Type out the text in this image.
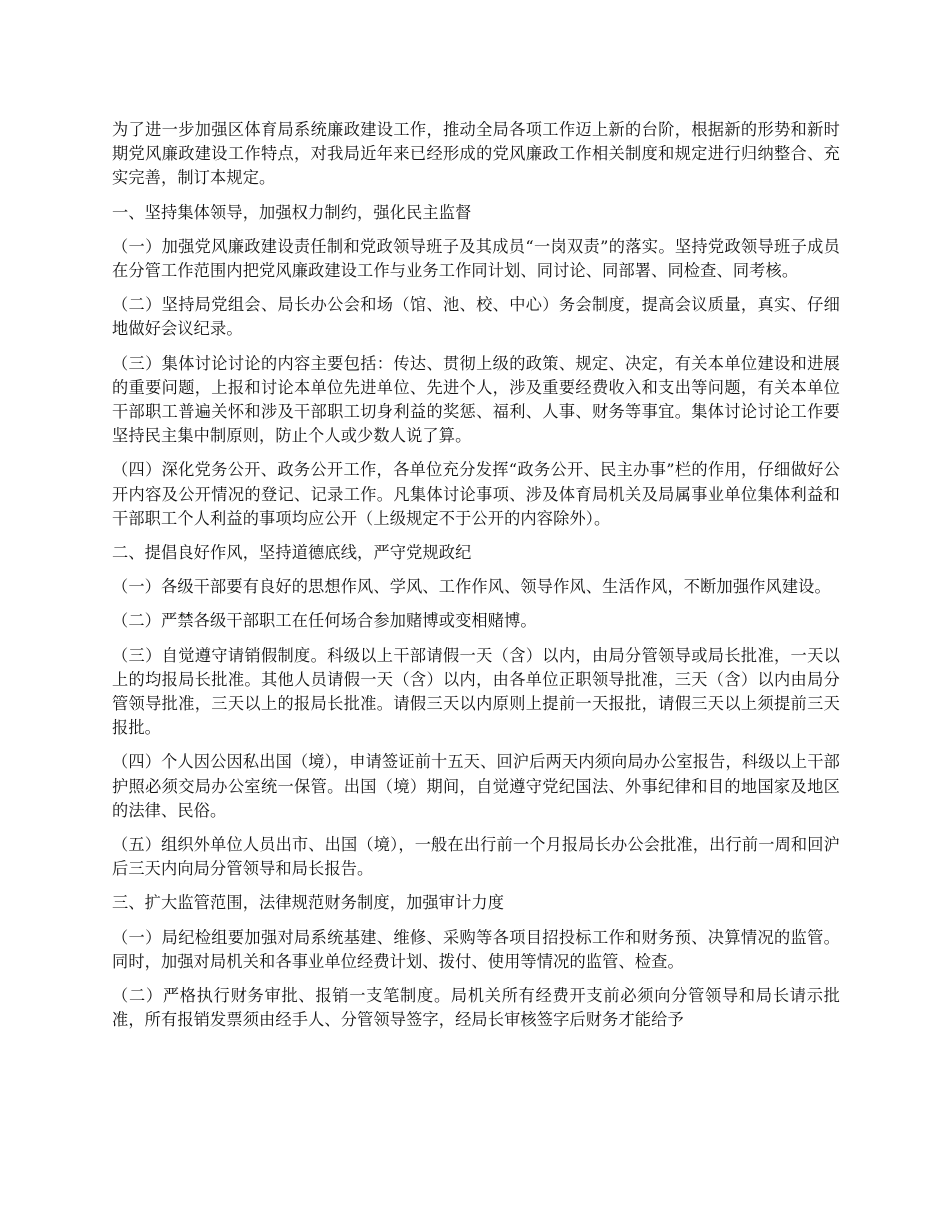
为了进一步加强区体育局系统廉政建设工作，推动全局各项工作迈上新的台阶，根据新的形势和新时期党风廉政建设工作特点，对我局近年来已经形成的党风廉政工作相关制度和规定进行归纳整合、充实完善，制订本规定。

一、坚持集体领导，加强权力制约，强化民主监督

（一）加强党风廉政建设责任制和党政领导班子及其成员“一岗双责”的落实。坚持党政领导班子成员在分管工作范围内把党风廉政建设工作与业务工作同计划、同讨论、同部署、同检查、同考核。

（二）坚持局党组会、局长办公会和场（馆、池、校、中心）务会制度，提高会议质量，真实、仔细地做好会议纪录。

（三）集体讨论讨论的内容主要包括：传达、贯彻上级的政策、规定、决定，有关本单位建设和进展的重要问题，上报和讨论本单位先进单位、先进个人，涉及重要经费收入和支出等问题，有关本单位干部职工普遍关怀和涉及干部职工切身利益的奖惩、福利、人事、财务等事宜。集体讨论讨论工作要坚持民主集中制原则，防止个人或少数人说了算。

（四）深化党务公开、政务公开工作，各单位充分发挥“政务公开、民主办事”栏的作用，仔细做好公开内容及公开情况的登记、记录工作。凡集体讨论事项、涉及体育局机关及局属事业单位集体利益和干部职工个人利益的事项均应公开（上级规定不于公开的内容除外）。

二、提倡良好作风，坚持道德底线，严守党规政纪

（一）各级干部要有良好的思想作风、学风、工作作风、领导作风、生活作风，不断加强作风建设。

（二）严禁各级干部职工在任何场合参加赌博或变相赌博。

（三）自觉遵守请销假制度。科级以上干部请假一天（含）以内，由局分管领导或局长批准，一天以上的均报局长批准。其他人员请假一天（含）以内，由各单位正职领导批准，三天（含）以内由局分管领导批准，三天以上的报局长批准。请假三天以内原则上提前一天报批，请假三天以上须提前三天报批。

（四）个人因公因私出国（境），申请签证前十五天、回沪后两天内须向局办公室报告，科级以上干部护照必须交局办公室统一保管。出国（境）期间，自觉遵守党纪国法、外事纪律和目的地国家及地区的法律、民俗。

（五）组织外单位人员出市、出国（境），一般在出行前一个月报局长办公会批准，出行前一周和回沪后三天内向局分管领导和局长报告。

三、扩大监管范围，法律规范财务制度，加强审计力度

（一）局纪检组要加强对局系统基建、维修、采购等各项目招投标工作和财务预、决算情况的监管。同时，加强对局机关和各事业单位经费计划、拨付、使用等情况的监管、检查。

（二）严格执行财务审批、报销一支笔制度。局机关所有经费开支前必须向分管领导和局长请示批准，所有报销发票须由经手人、分管领导签字，经局长审核签字后财务才能给予
